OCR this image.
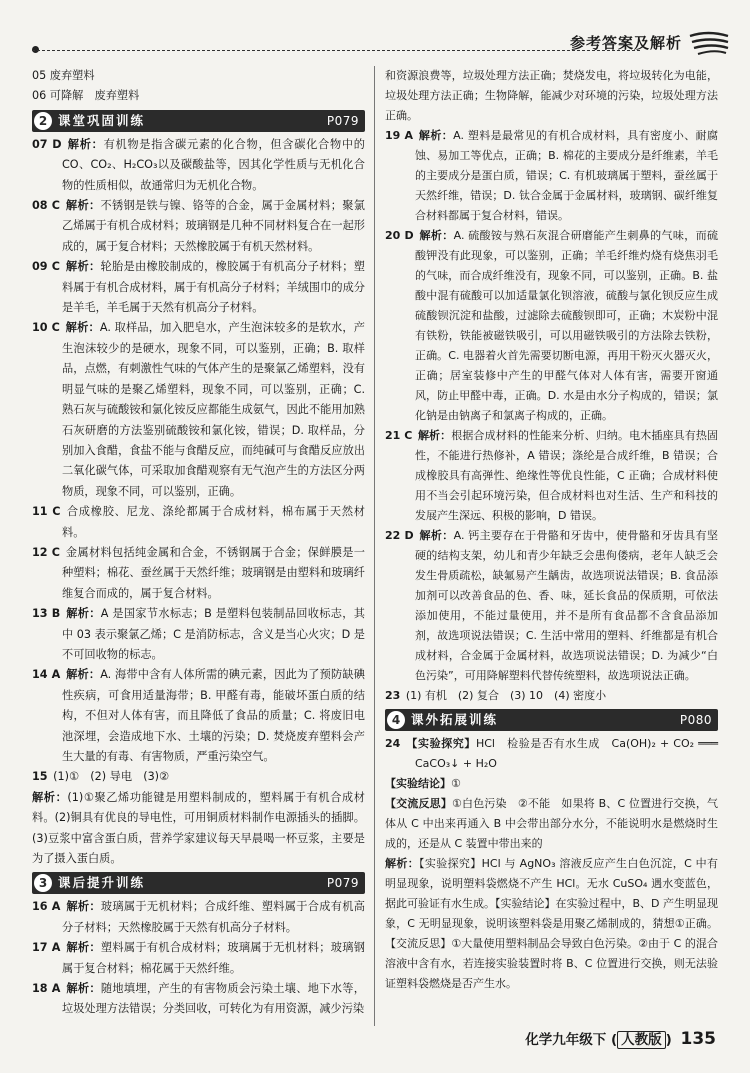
参考答案及解析
05 废弃塑料
06 可降解　废弃塑料
2 课堂巩固训练	P079
07 D  解析：有机物是指含碳元素的化合物，但含碳化合物中的CO、CO₂、H₂CO₃以及碳酸盐等，因其化学性质与无机化合物的性质相似，故通常归为无机化合物。
08 C  解析：不锈钢是铁与镍、铬等的合金，属于金属材料；聚氯乙烯属于有机合成材料；玻璃钢是几种不同材料复合在一起形成的，属于复合材料；天然橡胶属于有机天然材料。
09 C  解析：轮胎是由橡胶制成的，橡胶属于有机高分子材料；塑料属于有机合成材料，属于有机高分子材料；羊绒围巾的成分是羊毛，羊毛属于天然有机高分子材料。
10 C  解析：A. 取样品，加入肥皂水，产生泡沫较多的是软水，产生泡沫较少的是硬水，现象不同，可以鉴别，正确；B. 取样品，点燃，有刺激性气味的气体产生的是聚氯乙烯塑料，没有明显气味的是聚乙烯塑料，现象不同，可以鉴别，正确；C. 熟石灰与硫酸铵和氯化铵反应都能生成氨气，因此不能用加熟石灰研磨的方法鉴别硫酸铵和氯化铵，错误；D. 取样品，分别加入食醋，食盐不能与食醋反应，而纯碱可与食醋反应放出二氧化碳气体，可采取加食醋观察有无气泡产生的方法区分两物质，现象不同，可以鉴别，正确。
11 C  合成橡胶、尼龙、涤纶都属于合成材料，棉布属于天然材料。
12 C  金属材料包括纯金属和合金，不锈钢属于合金；保鲜膜是一种塑料；棉花、蚕丝属于天然纤维；玻璃钢是由塑料和玻璃纤维复合而成的，属于复合材料。
13 B  解析：A 是国家节水标志；B 是塑料包装制品回收标志，其中 03 表示聚氯乙烯；C 是消防标志，含义是当心火灾；D 是不可回收物的标志。
14 A  解析：A. 海带中含有人体所需的碘元素，因此为了预防缺碘性疾病，可食用适量海带；B. 甲醛有毒，能破坏蛋白质的结构，不但对人体有害，而且降低了食品的质量；C. 将废旧电池深埋，会造成地下水、土壤的污染；D. 焚烧废弃塑料会产生大量的有毒、有害物质，严重污染空气。
15  (1)①　(2) 导电　(3)②
解析：(1)①聚乙烯功能键是用塑料制成的，塑料属于有机合成材料。(2)铜具有优良的导电性，可用铜质材料制作电源插头的插脚。(3)豆浆中富含蛋白质，营养学家建议每天早晨喝一杯豆浆，主要是为了摄入蛋白质。
3 课后提升训练	P079
16 A  解析：玻璃属于无机材料；合成纤维、塑料属于合成有机高分子材料；天然橡胶属于天然有机高分子材料。
17 A  解析：塑料属于有机合成材料；玻璃属于无机材料；玻璃钢属于复合材料；棉花属于天然纤维。
18 A  解析：随地填埋，产生的有害物质会污染土壤、地下水等，垃圾处理方法错误；分类回收，可转化为有用资源，减少污染
和资源浪费等，垃圾处理方法正确；焚烧发电，将垃圾转化为电能，垃圾处理方法正确；生物降解，能减少对环境的污染，垃圾处理方法正确。
19 A  解析：A. 塑料是最常见的有机合成材料，具有密度小、耐腐蚀、易加工等优点，正确；B. 棉花的主要成分是纤维素，羊毛的主要成分是蛋白质，错误；C. 有机玻璃属于塑料，蚕丝属于天然纤维，错误；D. 钛合金属于金属材料，玻璃钢、碳纤维复合材料都属于复合材料，错误。
20 D  解析：A. 硫酸铵与熟石灰混合研磨能产生刺鼻的气味，而硫酸钾没有此现象，可以鉴别，正确；羊毛纤维灼烧有烧焦羽毛的气味，而合成纤维没有，现象不同，可以鉴别，正确。B. 盐酸中混有硫酸可以加适量氯化钡溶液，硫酸与氯化钡反应生成硫酸钡沉淀和盐酸，过滤除去硫酸钡即可，正确；木炭粉中混有铁粉，铁能被磁铁吸引，可以用磁铁吸引的方法除去铁粉，正确。C. 电器着火首先需要切断电源，再用干粉灭火器灭火，正确；居室装修中产生的甲醛气体对人体有害，需要开窗通风，防止甲醛中毒，正确。D. 水是由水分子构成的，错误；氯化钠是由钠离子和氯离子构成的，正确。
21 C  解析：根据合成材料的性能来分析、归纳。电木插座具有热固性，不能进行热修补，A 错误；涤纶是合成纤维，B 错误；合成橡胶具有高弹性、绝缘性等优良性能，C 正确；合成材料使用不当会引起环境污染，但合成材料也对生活、生产和科技的发展产生深远、积极的影响，D 错误。
22 D  解析：A. 钙主要存在于骨骼和牙齿中，使骨骼和牙齿具有坚硬的结构支架，幼儿和青少年缺乏会患佝偻病，老年人缺乏会发生骨质疏松，缺氟易产生龋齿，故选项说法错误；B. 食品添加剂可以改善食品的色、香、味，延长食品的保质期，可依法添加使用，不能过量使用，并不是所有食品都不含食品添加剂，故选项说法错误；C. 生活中常用的塑料、纤维都是有机合成材料，合金属于金属材料，故选项说法错误；D. 为减少“白色污染”，可用降解塑料代替传统塑料，故选项说法正确。
23  (1) 有机　(2) 复合　(3) 10　(4) 密度小
4 课外拓展训练	P080
24  【实验探究】HCl　检验是否有水生成　Ca(OH)₂ + CO₂ ═══ CaCO₃↓ + H₂O
【实验结论】①
【交流反思】①白色污染　②不能　如果将 B、C 位置进行交换，气体从 C 中出来再通入 B 中会带出部分水分，不能说明水是燃烧时生成的，还是从 C 装置中带出来的
解析：【实验探究】HCl 与 AgNO₃ 溶液反应产生白色沉淀，C 中有明显现象，说明塑料袋燃烧不产生 HCl。无水 CuSO₄ 遇水变蓝色，据此可验证有水生成。【实验结论】在实验过程中，B、D 产生明显现象，C 无明显现象，说明该塑料袋是用聚乙烯制成的，猜想①正确。【交流反思】①大量使用塑料制品会导致白色污染。②由于 C 的混合溶液中含有水，若连接实验装置时将 B、C 位置进行交换，则无法验证塑料袋燃烧是否产生水。
化学九年级下 ( 人教版 ) 135
